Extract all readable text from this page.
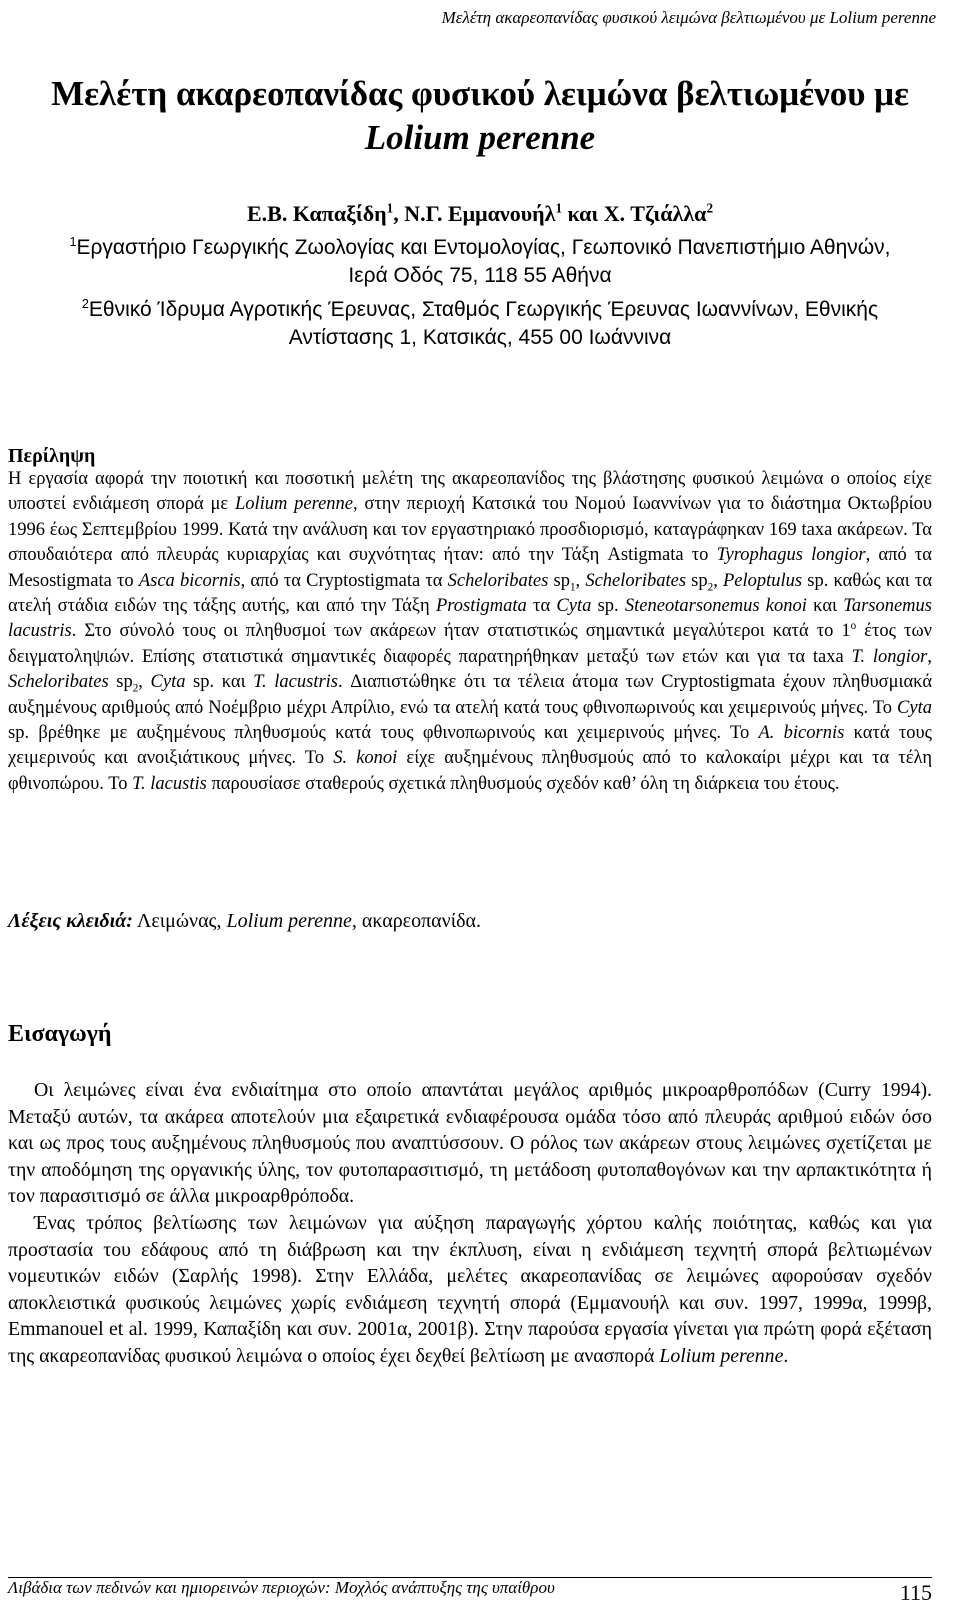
Μελέτη ακαρεοπανίδας φυσικού λειμώνα βελτιωμένου με Lolium perenne
Μελέτη ακαρεοπανίδας φυσικού λειμώνα βελτιωμένου με
Lolium perenne
Ε.Β. Καπαξίδη$^1$, Ν.Γ. Εμμανουήλ$^1$ και Χ. Τζιάλλα$^2$
$^1$Εργαστήριο Γεωργικής Ζωολογίας και Εντομολογίας, Γεωπονικό Πανεπιστήμιο Αθηνών,
Ιερά Οδός 75, 118 55 Αθήνα
$^2$Εθνικό Ίδρυμα Αγροτικής Έρευνας, Σταθμός Γεωργικής Έρευνας Ιωαννίνων, Εθνικής
Αντίστασης 1, Κατσικάς, 455 00 Ιωάννινα
Περίληψη

Η εργασία αφορά την ποιοτική και ποσοτική μελέτη της ακαρεοπανίδος της βλάστησης φυσικού λειμώνα ο οποίος είχε υποστεί ενδιάμεση σπορά με Lolium perenne, στην περιοχή Κατσικά του Νομού Ιωαννίνων για το διάστημα Οκτωβρίου 1996 έως Σεπτεμβρίου 1999. Κατά την ανάλυση και τον εργαστηριακό προσδιορισμό, καταγράφηκαν 169 taxa ακάρεων. Τα σπουδαιότερα από πλευράς κυριαρχίας και συχνότητας ήταν: από την Τάξη Astigmata το Tyrophagus longior, από τα Mesostigmata το Asca bicornis, από τα Cryptostigmata τα Scheloribates $sp_1$, Scheloribates $sp_2$, Peloptulus sp. καθώς και τα ατελή στάδια ειδών της τάξης αυτής, και από την Τάξη Prostigmata τα Cyta sp. Steneotarsonemus konoi και Tarsonemus lacustris. Στο σύνολό τους οι πληθυσμοί των ακάρεων ήταν στατιστικώς σημαντικά μεγαλύτεροι κατά το $1^o$ έτος των δειγματοληψιών. Επίσης στατιστικά σημαντικές διαφορές παρατηρήθηκαν μεταξύ των ετών και για τα taxa T. longior, Scheloribates $sp_2$, Cyta sp. και T. lacustris. Διαπιστώθηκε ότι τα τέλεια άτομα των Cryptostigmata έχουν πληθυσμιακά αυξημένους αριθμούς από Νοέμβριο μέχρι Απρίλιο, ενώ τα ατελή κατά τους φθινοπωρινούς και χειμερινούς μήνες. Το Cyta sp. βρέθηκε με αυξημένους πληθυσμούς κατά τους φθινοπωρινούς και χειμερινούς μήνες. Το A. bicornis κατά τους χειμερινούς και ανοιξιάτικους μήνες. Το S. konoi είχε αυξημένους πληθυσμούς από το καλοκαίρι μέχρι και τα τέλη φθινοπώρου. Το T. lacustis παρουσίασε σταθερούς σχετικά πληθυσμούς σχεδόν καθ’ όλη τη διάρκεια του έτους.

Λέξεις κλειδιά: Λειμώνας, Lolium perenne, ακαρεοπανίδα.

Εισαγωγή

Οι λειμώνες είναι ένα ενδιαίτημα στο οποίο απαντάται μεγάλος αριθμός μικροαρθροπόδων (Curry 1994). Μεταξύ αυτών, τα ακάρεα αποτελούν μια εξαιρετικά ενδιαφέρουσα ομάδα τόσο από πλευράς αριθμού ειδών όσο και ως προς τους αυξημένους πληθυσμούς που αναπτύσσουν. Ο ρόλος των ακάρεων στους λειμώνες σχετίζεται με την αποδόμηση της οργανικής ύλης, τον φυτοπαρασιτισμό, τη μετάδοση φυτοπαθογόνων και την αρπακτικότητα ή τον παρασιτισμό σε άλλα μικροαρθρόποδα.

Ένας τρόπος βελτίωσης των λειμώνων για αύξηση παραγωγής χόρτου καλής ποιότητας, καθώς και για προστασία του εδάφους από τη διάβρωση και την έκπλυση, είναι η ενδιάμεση τεχνητή σπορά βελτιωμένων νομευτικών ειδών (Σαρλής 1998). Στην Ελλάδα, μελέτες ακαρεοπανίδας σε λειμώνες αφορούσαν σχεδόν αποκλειστικά φυσικούς λειμώνες χωρίς ενδιάμεση τεχνητή σπορά (Εμμανουήλ και συν. 1997, 1999α, 1999β, Emmanouel et al. 1999, Καπαξίδη και συν. 2001α, 2001β). Στην παρούσα εργασία γίνεται για πρώτη φορά εξέταση της ακαρεοπανίδας φυσικού λειμώνα ο οποίος έχει δεχθεί βελτίωση με ανασπορά Lolium perenne.

Λιβάδια των πεδινών και ημιορεινών περιοχών: Μοχλός ανάπτυξης της υπαίθρου	115
